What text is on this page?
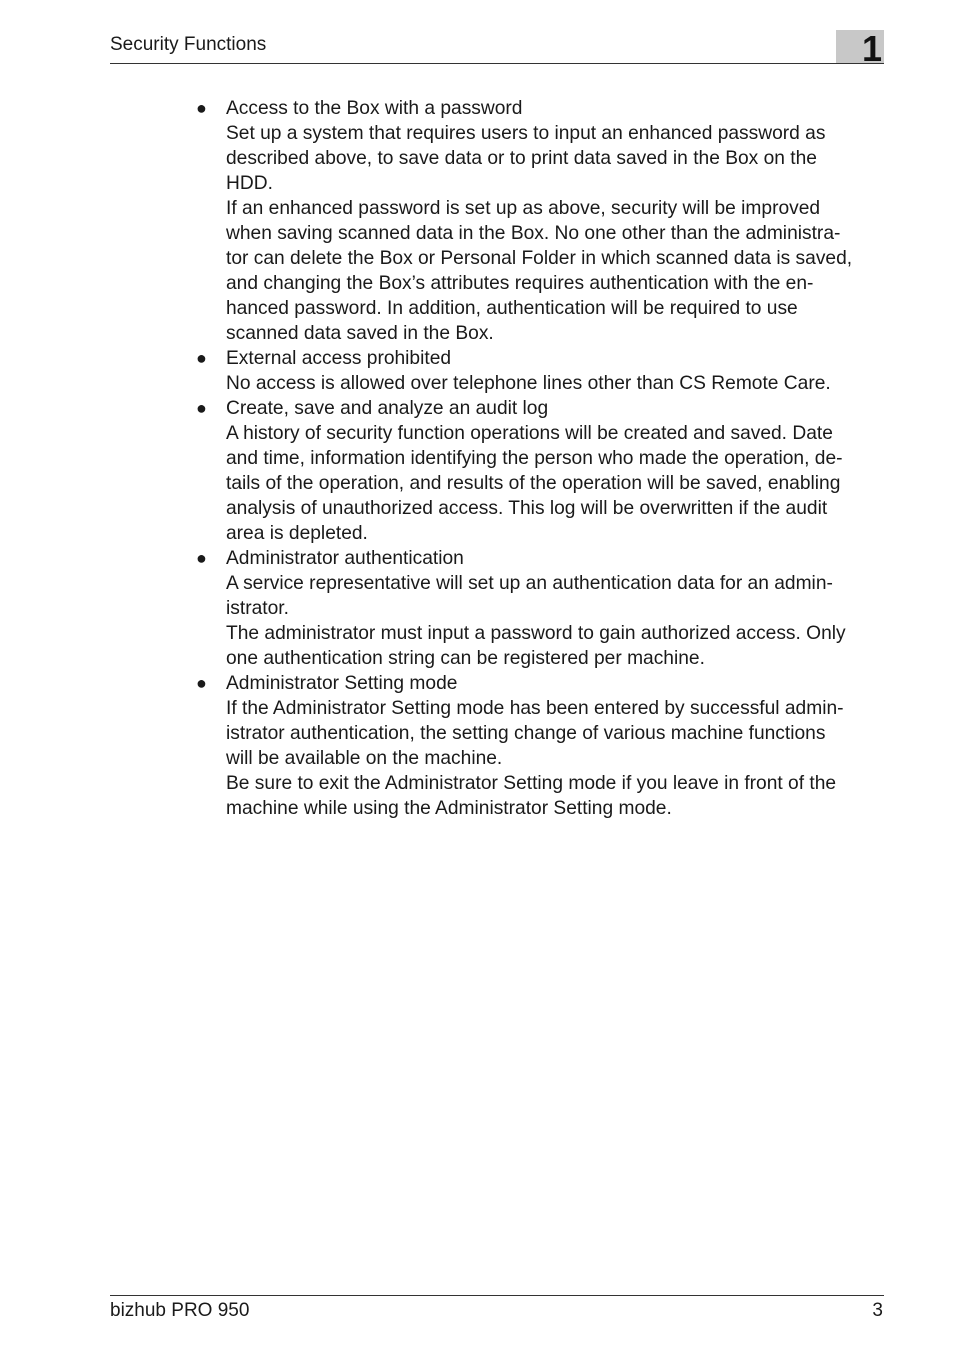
Security Functions	1
● Access to the Box with a password
Set up a system that requires users to input an enhanced password as
described above, to save data or to print data saved in the Box on the
HDD.
If an enhanced password is set up as above, security will be improved
when saving scanned data in the Box. No one other than the administra-
tor can delete the Box or Personal Folder in which scanned data is saved,
and changing the Box’s attributes requires authentication with the en-
hanced password. In addition, authentication will be required to use
scanned data saved in the Box.
● External access prohibited
No access is allowed over telephone lines other than CS Remote Care.
● Create, save and analyze an audit log
A history of security function operations will be created and saved. Date
and time, information identifying the person who made the operation, de-
tails of the operation, and results of the operation will be saved, enabling
analysis of unauthorized access. This log will be overwritten if the audit
area is depleted.
● Administrator authentication
A service representative will set up an authentication data for an admin-
istrator.
The administrator must input a password to gain authorized access. Only
one authentication string can be registered per machine.
● Administrator Setting mode
If the Administrator Setting mode has been entered by successful admin-
istrator authentication, the setting change of various machine functions
will be available on the machine.
Be sure to exit the Administrator Setting mode if you leave in front of the
machine while using the Administrator Setting mode.
bizhub PRO 950	3
